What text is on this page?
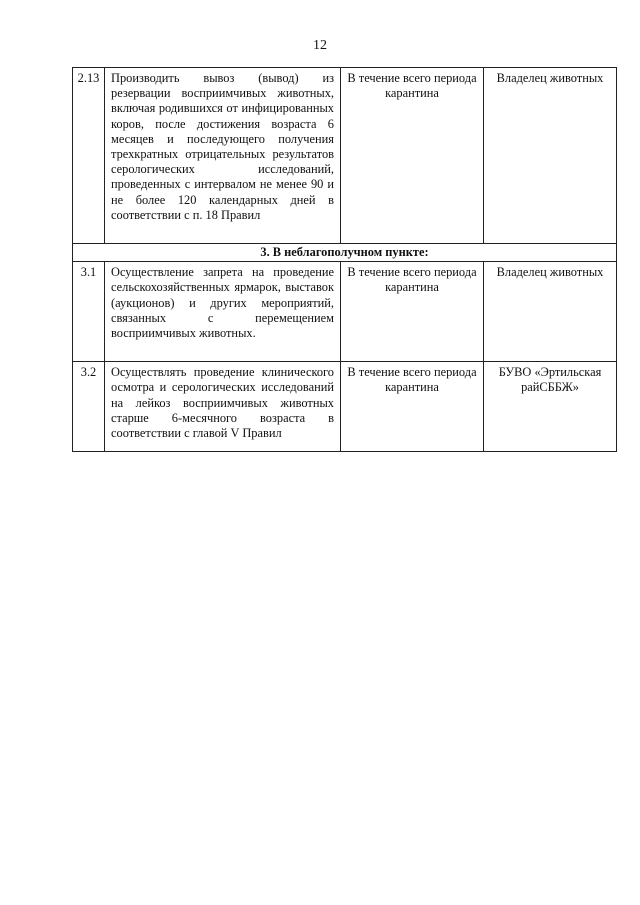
12
2.13	Производить вывоз (вывод) из резервации восприимчивых животных, включая родившихся от инфицированных коров, после достижения возраста 6 месяцев и последующего получения трехкратных отрицательных результатов серологических исследований, проведенных с интервалом не менее 90 и не более 120 календарных дней в соответствии с п. 18 Правил	В течение всего периода карантина	Владелец животных
3. В неблагополучном пункте:			
3.1	Осуществление запрета на проведение сельскохозяйственных ярмарок, выставок (аукционов) и других мероприятий, связанных с перемещением восприимчивых животных.	В течение всего периода карантина	Владелец животных
3.2	Осуществлять проведение клинического осмотра и серологических исследований на лейкоз восприимчивых животных старше 6-месячного возраста в соответствии с главой V Правил	В течение всего периода карантина	БУВО «Эртильская райСББЖ»
